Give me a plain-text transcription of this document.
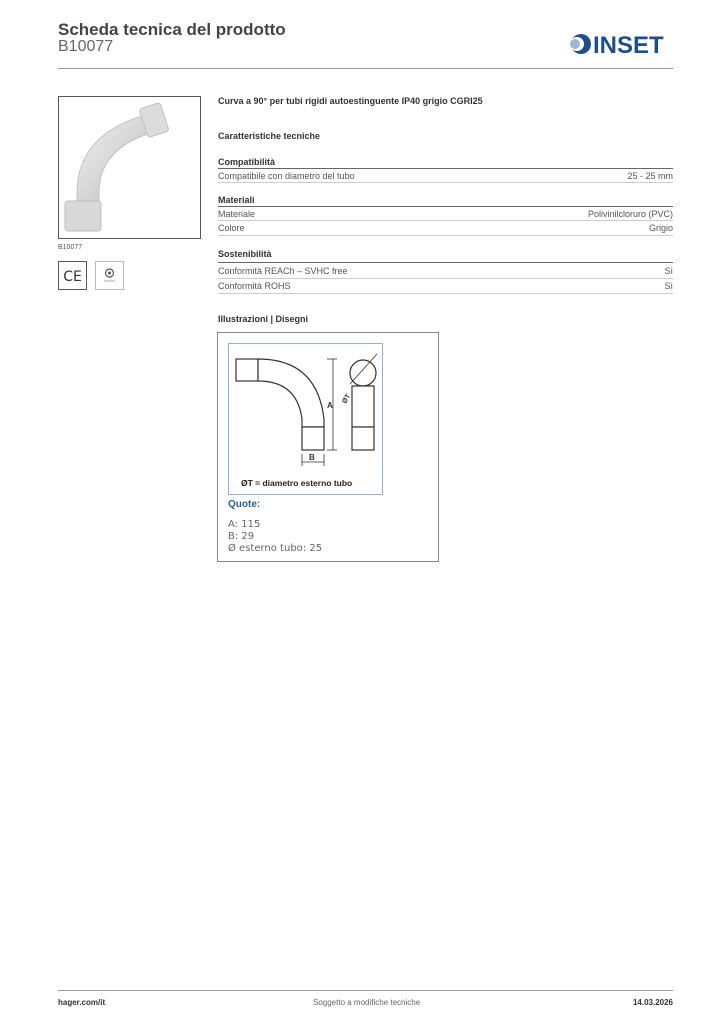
Scheda tecnica del prodotto
B10077	INSET
B10077
CE
Curva a 90° per tubi rigidi autoestinguente IP40 grigio CGRI25
Caratteristiche tecniche
Compatibilità
Compatibile con diametro del tubo	25 - 25 mm
Materiali
Materiale	Polivinilcloruro (PVC)
Colore	Grigio
Sostenibilità
Conformità REACh – SVHC free	Sì
Conformità ROHS	Sì
Illustrazioni | Disegni
A
B
ØT
ØT = diametro esterno tubo
Quote:
A: 115
B: 29
Ø esterno tubo: 25
hager.com/it	Soggetto a modifiche tecniche	14.03.2026
